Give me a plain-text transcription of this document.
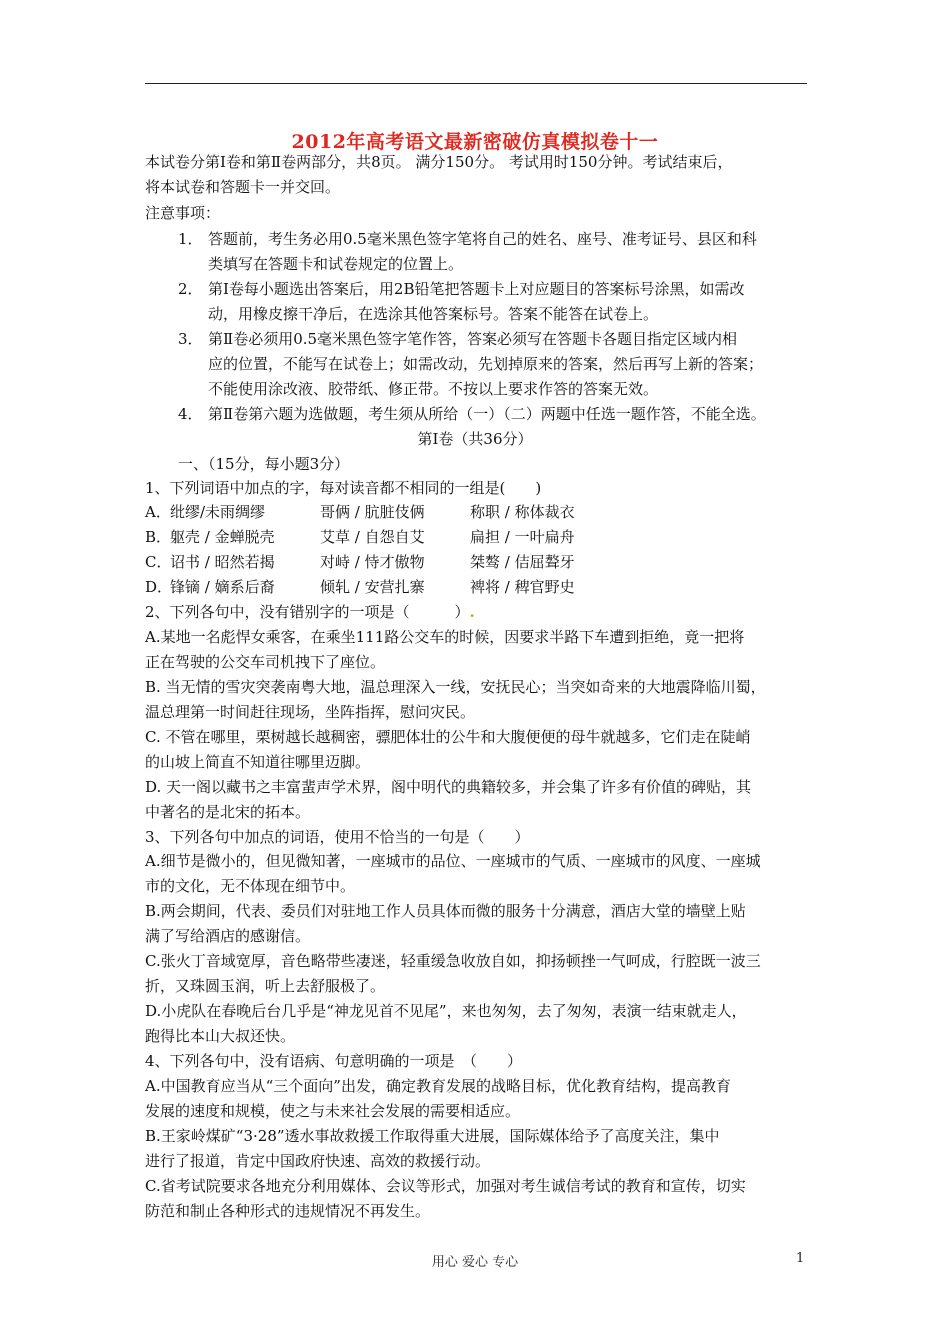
2012年高考语文最新密破仿真模拟卷十一
本试卷分第Ⅰ卷和第Ⅱ卷两部分，共8页。 满分150分。 考试用时150分钟。考试结束后，
将本试卷和答题卡一并交回。
注意事项：
1． 答题前，考生务必用0.5毫米黑色签字笔将自己的姓名、座号、准考证号、县区和科
类填写在答题卡和试卷规定的位置上。
2． 第Ⅰ卷每小题选出答案后，用2B铅笔把答题卡上对应题目的答案标号涂黑，如需改
动，用橡皮擦干净后，在选涂其他答案标号。答案不能答在试卷上。
3． 第Ⅱ卷必须用0.5毫米黑色签字笔作答，答案必须写在答题卡各题目指定区域内相
应的位置，不能写在试卷上；如需改动，先划掉原来的答案，然后再写上新的答案；
不能使用涂改液、胶带纸、修正带。不按以上要求作答的答案无效。
4． 第Ⅱ卷第六题为选做题，考生须从所给（一）（二）两题中任选一题作答，不能全选。
第Ⅰ卷（共36分）
一、（15分，每小题3分）
1、下列词语中加点的字，每对读音都不相同的一组是(　　)
A．纰缪/未雨绸缪	哥俩 / 肮脏伎俩	称职 / 称体裁衣
B．躯壳 / 金蝉脱壳	艾草 / 自怨自艾	扁担 / 一叶扁舟
C．诏书 / 昭然若揭	对峙 / 恃才傲物	桀骜 / 佶屈聱牙
D．锋镝 / 嫡系后裔	倾轧 / 安营扎寨	裨将 / 稗官野史
2、下列各句中，没有错别字的一项是（　　　）.
A.某地一名彪悍女乘客，在乘坐111路公交车的时候，因要求半路下车遭到拒绝，竟一把将
正在驾驶的公交车司机拽下了座位。
B. 当无情的雪灾突袭南粤大地，温总理深入一线，安抚民心；当突如奇来的大地震降临川蜀，
温总理第一时间赶往现场，坐阵指挥，慰问灾民。
C. 不管在哪里，栗树越长越稠密，骠肥体壮的公牛和大腹便便的母牛就越多，它们走在陡峭
的山坡上简直不知道往哪里迈脚。
D. 天一阁以藏书之丰富蜚声学术界，阁中明代的典籍较多，并会集了许多有价值的碑贴，其
中著名的是北宋的拓本。
3、下列各句中加点的词语，使用不恰当的一句是（　　）
A.细节是微小的，但见微知著，一座城市的品位、一座城市的气质、一座城市的风度、一座城
市的文化，无不体现在细节中。
B.两会期间，代表、委员们对驻地工作人员具体而微的服务十分满意，酒店大堂的墙壁上贴
满了写给酒店的感谢信。
C.张火丁音域宽厚，音色略带些凄迷，轻重缓急收放自如，抑扬顿挫一气呵成，行腔既一波三
折，又珠圆玉润，听上去舒服极了。
D.小虎队在春晚后台几乎是“神龙见首不见尾”，来也匆匆，去了匆匆，表演一结束就走人，
跑得比本山大叔还快。
4、下列各句中，没有语病、句意明确的一项是　（　　）
A.中国教育应当从“三个面向”出发，确定教育发展的战略目标，优化教育结构，提高教育
发展的速度和规模，使之与未来社会发展的需要相适应。
B.王家岭煤矿“3·28”透水事故救援工作取得重大进展，国际媒体给予了高度关注，集中
进行了报道，肯定中国政府快速、高效的救援行动。
C.省考试院要求各地充分利用媒体、会议等形式，加强对考生诚信考试的教育和宣传，切实
防范和制止各种形式的违规情况不再发生。
用心 爱心 专心	1
